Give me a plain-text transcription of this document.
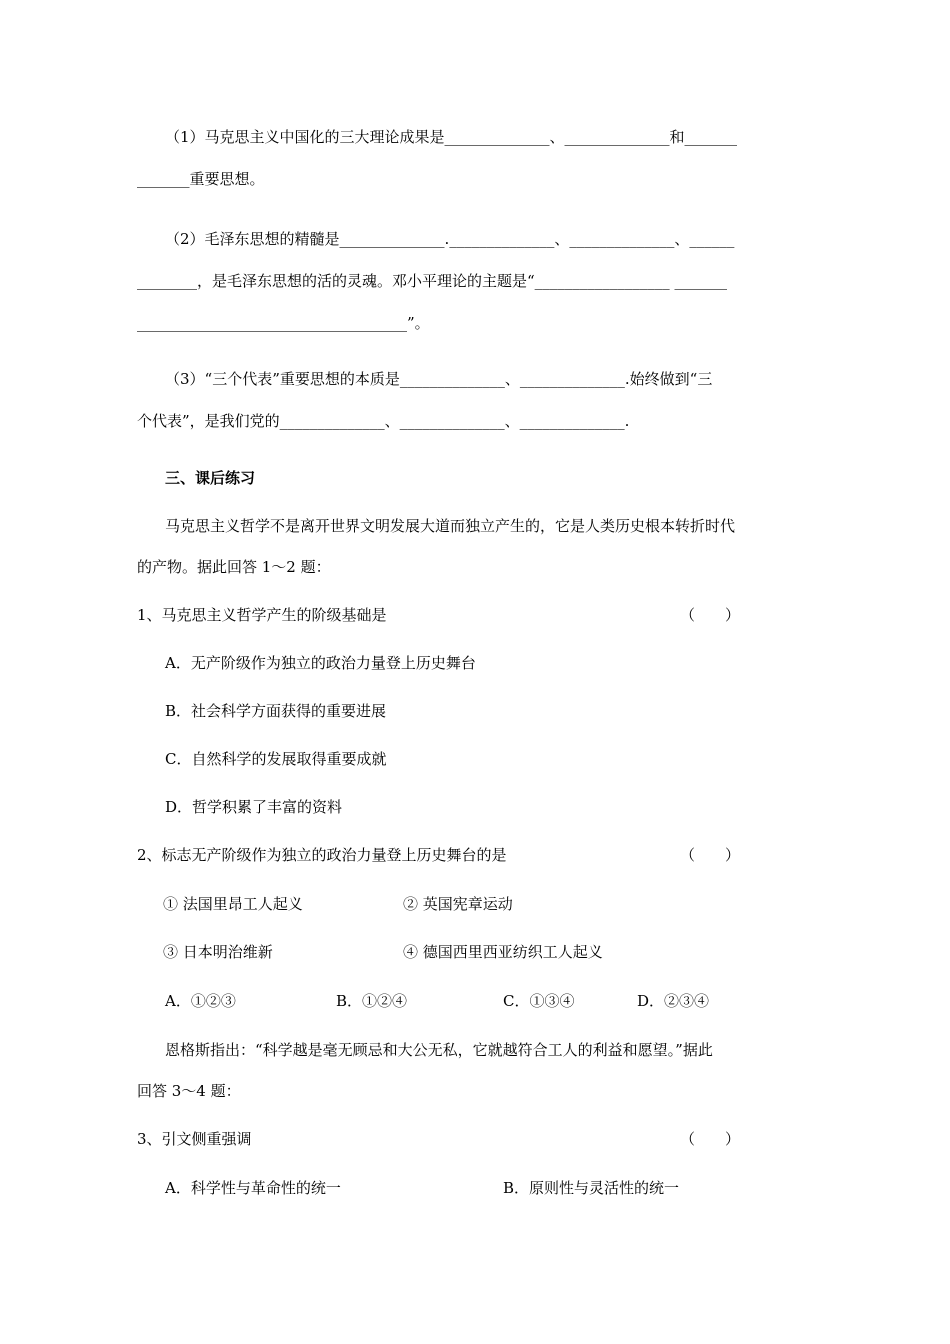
（1）马克思主义中国化的三大理论成果是______________、______________和_______
_______重要思想。
（2）毛泽东思想的精髓是______________.______________、______________、______
________，是毛泽东思想的活的灵魂。邓小平理论的主题是“__________________ _______
____________________________________”。
（3）“三个代表”重要思想的本质是______________、______________.始终做到“三
个代表”，是我们党的______________、______________、______________.
三、课后练习
马克思主义哲学不是离开世界文明发展大道而独立产生的，它是人类历史根本转折时代
的产物。据此回答 1～2 题：
1、马克思主义哲学产生的阶级基础是	（　　）
A．无产阶级作为独立的政治力量登上历史舞台
B．社会科学方面获得的重要进展
C．自然科学的发展取得重要成就
D．哲学积累了丰富的资料
2、标志无产阶级作为独立的政治力量登上历史舞台的是	（　　）
① 法国里昂工人起义	② 英国宪章运动
③ 日本明治维新	④ 德国西里西亚纺织工人起义
A．①②③	B．①②④	C．①③④	D．②③④
恩格斯指出：“科学越是毫无顾忌和大公无私，它就越符合工人的利益和愿望。”据此
回答 3～4 题：
3、引文侧重强调	（　　）
A．科学性与革命性的统一	B．原则性与灵活性的统一
